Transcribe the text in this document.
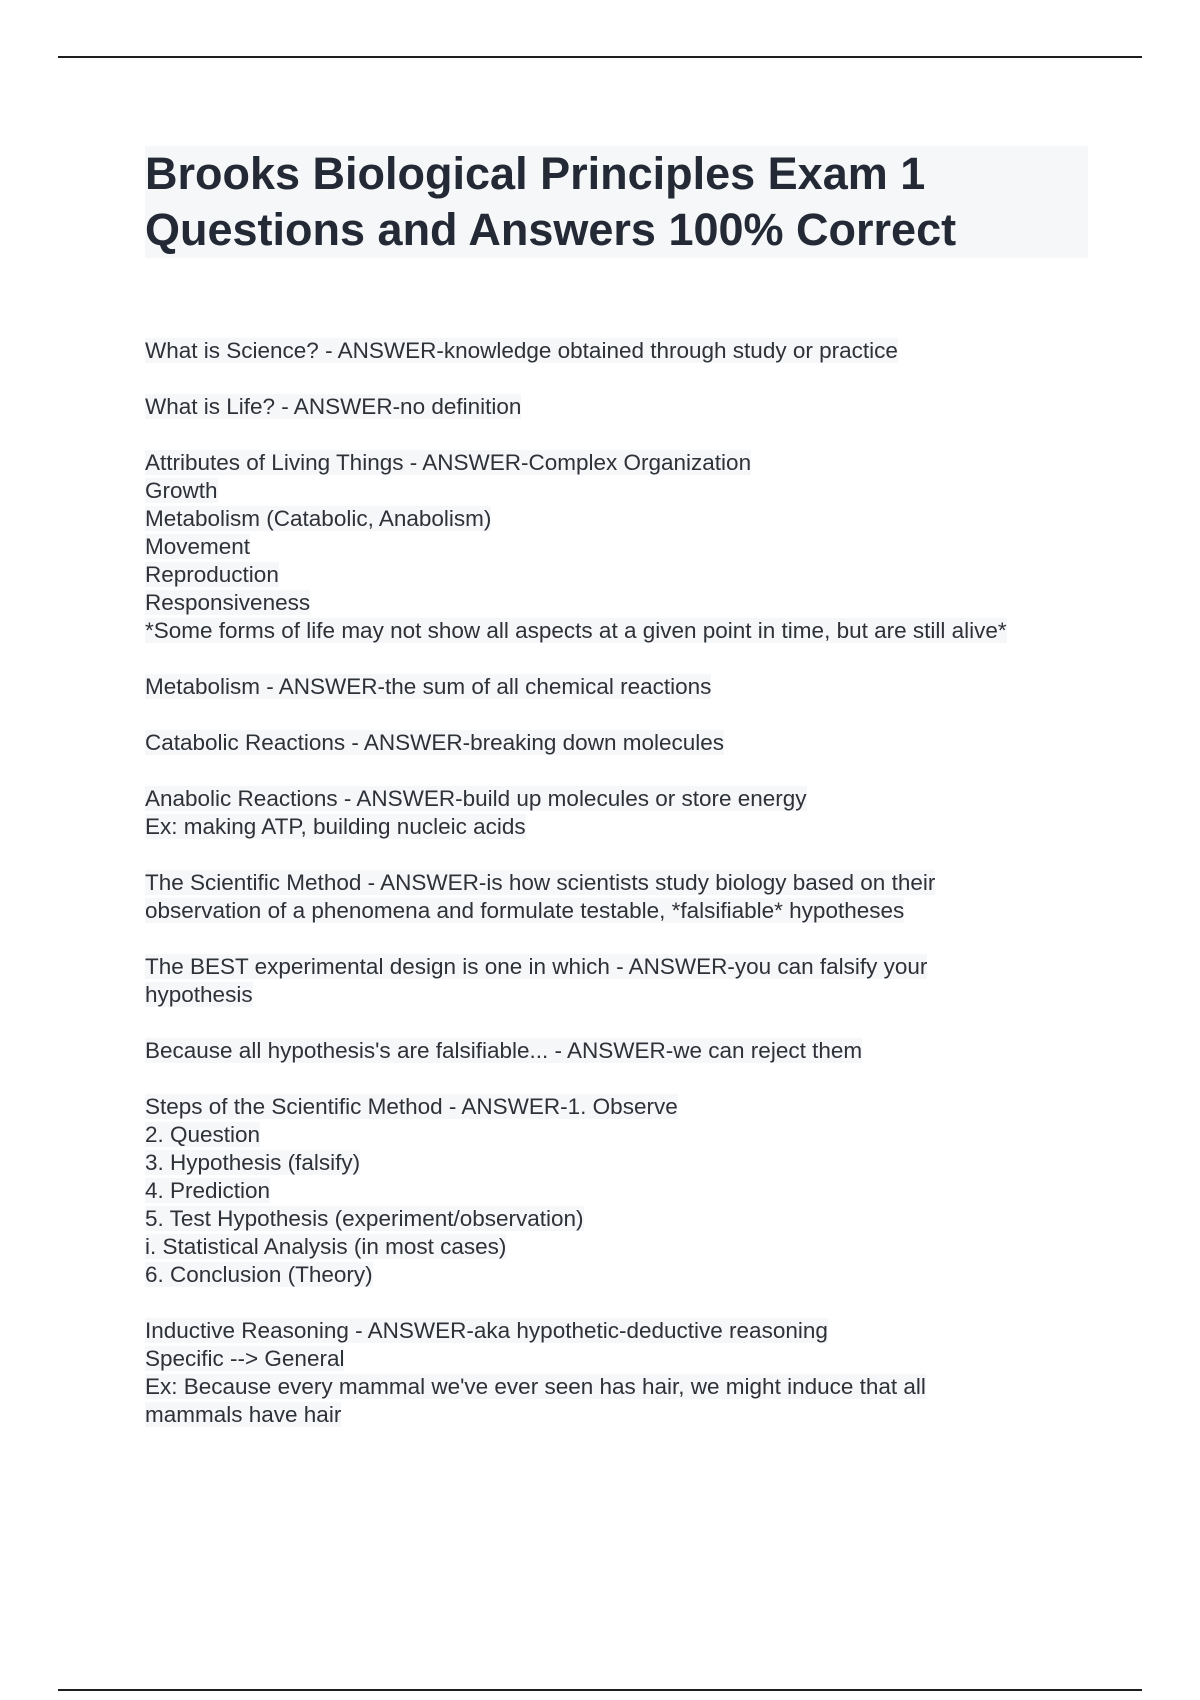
Brooks Biological Principles Exam 1
Questions and Answers 100% Correct
What is Science? - ANSWER-knowledge obtained through study or practice
What is Life? - ANSWER-no definition
Attributes of Living Things - ANSWER-Complex Organization
Growth
Metabolism (Catabolic, Anabolism)
Movement
Reproduction
Responsiveness
*Some forms of life may not show all aspects at a given point in time, but are still alive*
Metabolism - ANSWER-the sum of all chemical reactions
Catabolic Reactions - ANSWER-breaking down molecules
Anabolic Reactions - ANSWER-build up molecules or store energy
Ex: making ATP, building nucleic acids
The Scientific Method - ANSWER-is how scientists study biology based on their
observation of a phenomena and formulate testable, *falsifiable* hypotheses
The BEST experimental design is one in which - ANSWER-you can falsify your
hypothesis
Because all hypothesis's are falsifiable... - ANSWER-we can reject them
Steps of the Scientific Method - ANSWER-1. Observe
2. Question
3. Hypothesis (falsify)
4. Prediction
5. Test Hypothesis (experiment/observation)
i. Statistical Analysis (in most cases)
6. Conclusion (Theory)
Inductive Reasoning - ANSWER-aka hypothetic-deductive reasoning
Specific --> General
Ex: Because every mammal we've ever seen has hair, we might induce that all
mammals have hair
